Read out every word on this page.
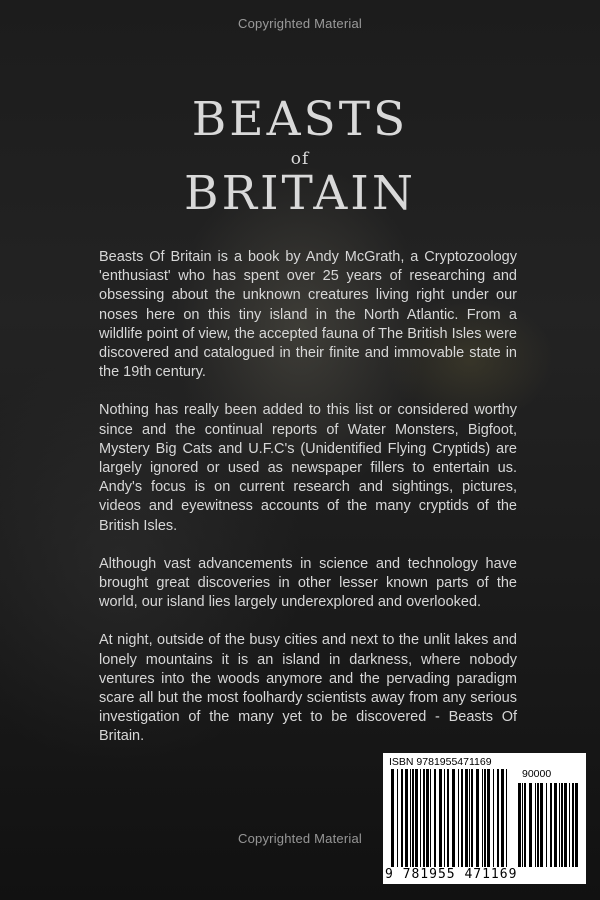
Copyrighted Material
BEASTS
of
BRITAIN

Beasts Of Britain is a book by Andy McGrath, a Cryptozoology 'enthusiast' who has spent over 25 years of researching and obsessing about the unknown creatures living right under our noses here on this tiny island in the North Atlantic. From a wildlife point of view, the accepted fauna of The British Isles were discovered and catalogued in their finite and immovable state in the 19th century.

Nothing has really been added to this list or considered worthy since and the continual reports of Water Monsters, Bigfoot, Mystery Big Cats and U.F.C's (Unidentified Flying Cryptids) are largely ignored or used as newspaper fillers to entertain us. Andy's focus is on current research and sightings, pictures, videos and eyewitness accounts of the many cryptids of the British Isles.

Although vast advancements in science and technology have brought great discoveries in other lesser known parts of the world, our island lies largely underexplored and overlooked.

At night, outside of the busy cities and next to the unlit lakes and lonely mountains it is an island in darkness, where nobody ventures into the woods anymore and the pervading paradigm scare all but the most foolhardy scientists away from any serious investigation of the many yet to be discovered - Beasts Of Britain.

Copyrighted Material
ISBN 9781955471169
90000
9 781955 471169
